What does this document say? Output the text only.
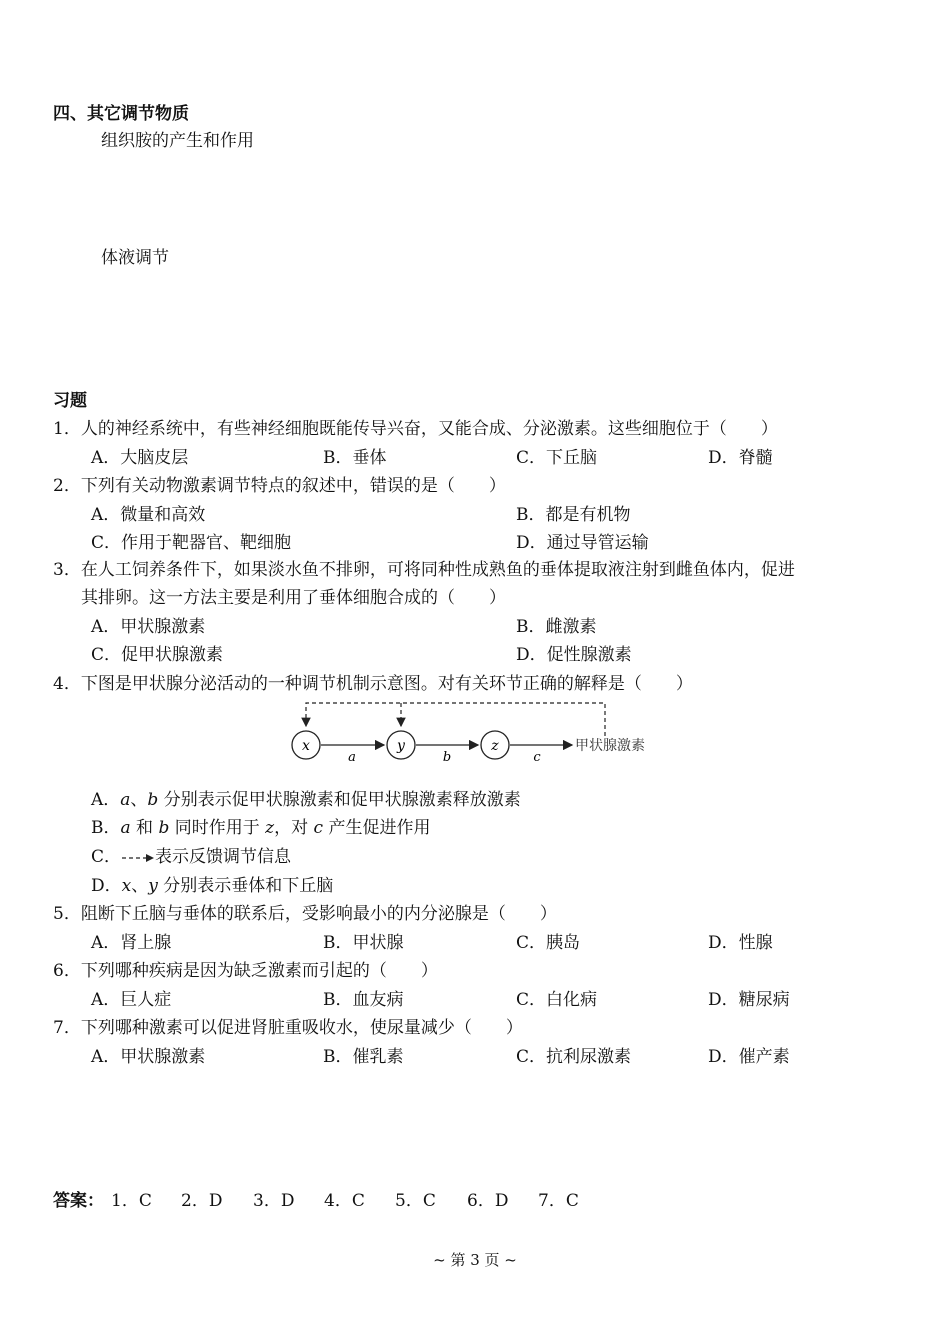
四、其它调节物质
组织胺的产生和作用
体液调节
习题
1．人的神经系统中，有些神经细胞既能传导兴奋，又能合成、分泌激素。这些细胞位于（　　）
A．大脑皮层	B．垂体	C．下丘脑	D．脊髓
2．下列有关动物激素调节特点的叙述中，错误的是（　　）
A．微量和高效	B．都是有机物
C．作用于靶器官、靶细胞	D．通过导管运输
3．在人工饲养条件下，如果淡水鱼不排卵，可将同种性成熟鱼的垂体提取液注射到雌鱼体内，促进
其排卵。这一方法主要是利用了垂体细胞合成的（　　）
A．甲状腺激素	B．雌激素
C．促甲状腺激素	D．促性腺激素
4．下图是甲状腺分泌活动的一种调节机制示意图。对有关环节正确的解释是（　　）
x	y	z
a	b	c
甲状腺激素
A．a、b 分别表示促甲状腺激素和促甲状腺激素释放激素
B．a 和 b 同时作用于 z，对 c 产生促进作用
C． 表示反馈调节信息
D．x、y 分别表示垂体和下丘脑
5．阻断下丘脑与垂体的联系后，受影响最小的内分泌腺是（　　）
A．肾上腺	B．甲状腺	C．胰岛	D．性腺
6．下列哪种疾病是因为缺乏激素而引起的（　　）
A．巨人症	B．血友病	C．白化病	D．糖尿病
7．下列哪种激素可以促进肾脏重吸收水，使尿量减少（　　）
A．甲状腺激素	B．催乳素	C．抗利尿激素	D．催产素
答案： 1．C 2．D 3．D 4．C 5．C 6．D 7．C
~ 第 3 页 ~
